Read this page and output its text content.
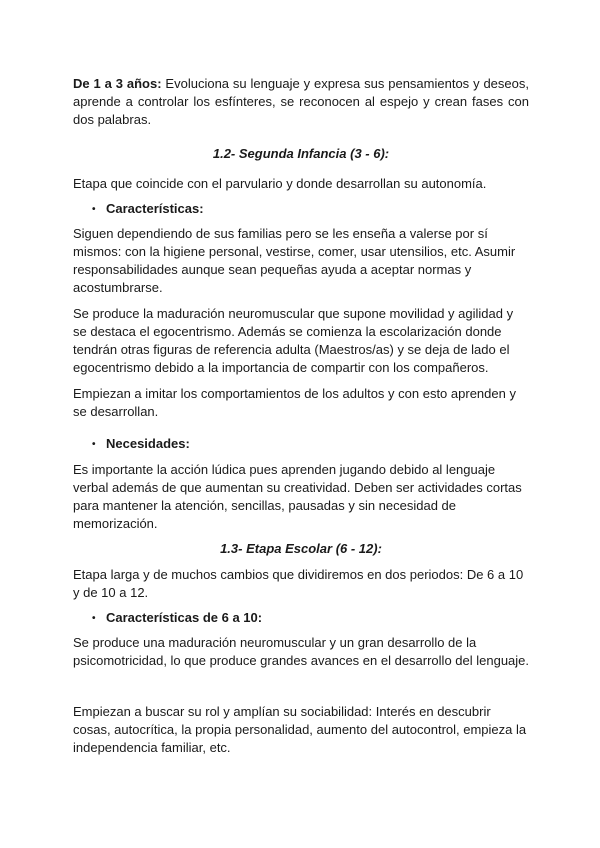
De 1 a 3 años: Evoluciona su lenguaje y expresa sus pensamientos y deseos, aprende a controlar los esfínteres, se reconocen al espejo y crean fases con dos palabras.

1.2- Segunda Infancia (3 - 6):

Etapa que coincide con el parvulario y donde desarrollan su autonomía.

• Características:

Siguen dependiendo de sus familias pero se les enseña a valerse por sí mismos: con la higiene personal, vestirse, comer, usar utensilios, etc. Asumir responsabilidades aunque sean pequeñas ayuda a aceptar normas y acostumbrarse.

Se produce la maduración neuromuscular que supone movilidad y agilidad y se destaca el egocentrismo. Además se comienza la escolarización donde tendrán otras figuras de referencia adulta (Maestros/as) y se deja de lado el egocentrismo debido a la importancia de compartir con los compañeros.

Empiezan a imitar los comportamientos de los adultos y con esto aprenden y se desarrollan.

• Necesidades:

Es importante la acción lúdica pues aprenden jugando debido al lenguaje verbal además de que aumentan su creatividad. Deben ser actividades cortas para mantener la atención, sencillas, pausadas y sin necesidad de memorización.

1.3- Etapa Escolar (6 - 12):

Etapa larga y de muchos cambios que dividiremos en dos periodos: De 6 a 10 y de 10 a 12.

• Características de 6 a 10:

Se produce una maduración neuromuscular y un gran desarrollo de la psicomotricidad, lo que produce grandes avances en el desarrollo del lenguaje.

Empiezan a buscar su rol y amplían su sociabilidad: Interés en descubrir cosas, autocrítica, la propia personalidad, aumento del autocontrol, empieza la independencia familiar, etc.
